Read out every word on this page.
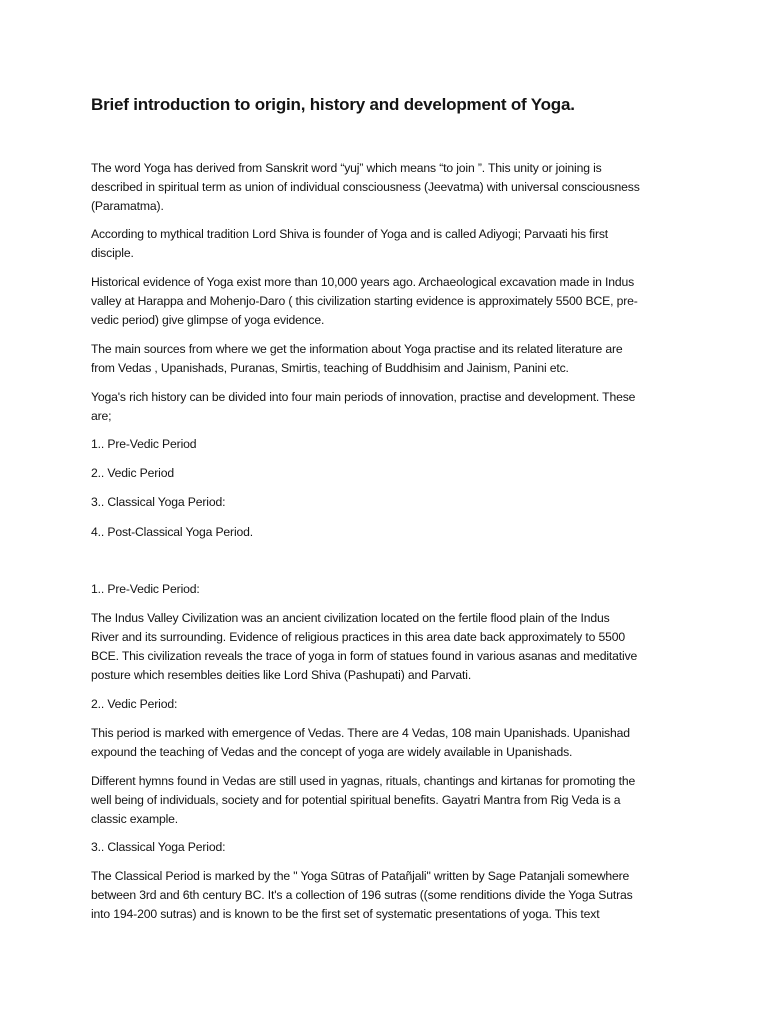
Brief introduction to origin, history and development of Yoga.

The word Yoga has derived from Sanskrit word “yuj” which means “to join ”. This unity or joining is

described in spiritual term as union of individual consciousness (Jeevatma) with universal consciousness

(Paramatma).

According to mythical tradition Lord Shiva is founder of Yoga and is called Adiyogi; Parvaati his first

disciple.

Historical evidence of Yoga exist more than 10,000 years ago. Archaeological excavation made in Indus

valley at Harappa and Mohenjo-Daro ( this civilization starting evidence is approximately 5500 BCE, pre-

vedic period) give glimpse of yoga evidence.

The main sources from where we get the information about Yoga practise and its related literature are

from Vedas , Upanishads, Puranas, Smirtis, teaching of Buddhisim and Jainism, Panini etc.

Yoga's rich history can be divided into four main periods of innovation, practise and development. These

are;

1.. Pre-Vedic Period

2.. Vedic Period

3.. Classical Yoga Period:

4.. Post-Classical Yoga Period.

1.. Pre-Vedic Period:

The Indus Valley Civilization was an ancient civilization located on the fertile flood plain of the Indus

River and its surrounding. Evidence of religious practices in this area date back approximately to 5500

BCE. This civilization reveals the trace of yoga in form of statues found in various asanas and meditative

posture which resembles deities like Lord Shiva (Pashupati) and Parvati.

2.. Vedic Period:

This period is marked with emergence of Vedas. There are 4 Vedas, 108 main Upanishads. Upanishad

expound the teaching of Vedas and the concept of yoga are widely available in Upanishads.

Different hymns found in Vedas are still used in yagnas, rituals, chantings and kirtanas for promoting the

well being of individuals, society and for potential spiritual benefits. Gayatri Mantra from Rig Veda is a

classic example.

3.. Classical Yoga Period:

The Classical Period is marked by the " Yoga Sūtras of Patañjali" written by Sage Patanjali somewhere

between 3rd and 6th century BC. It's a collection of 196 sutras ((some renditions divide the Yoga Sutras

into 194-200 sutras) and is known to be the first set of systematic presentations of yoga. This text
